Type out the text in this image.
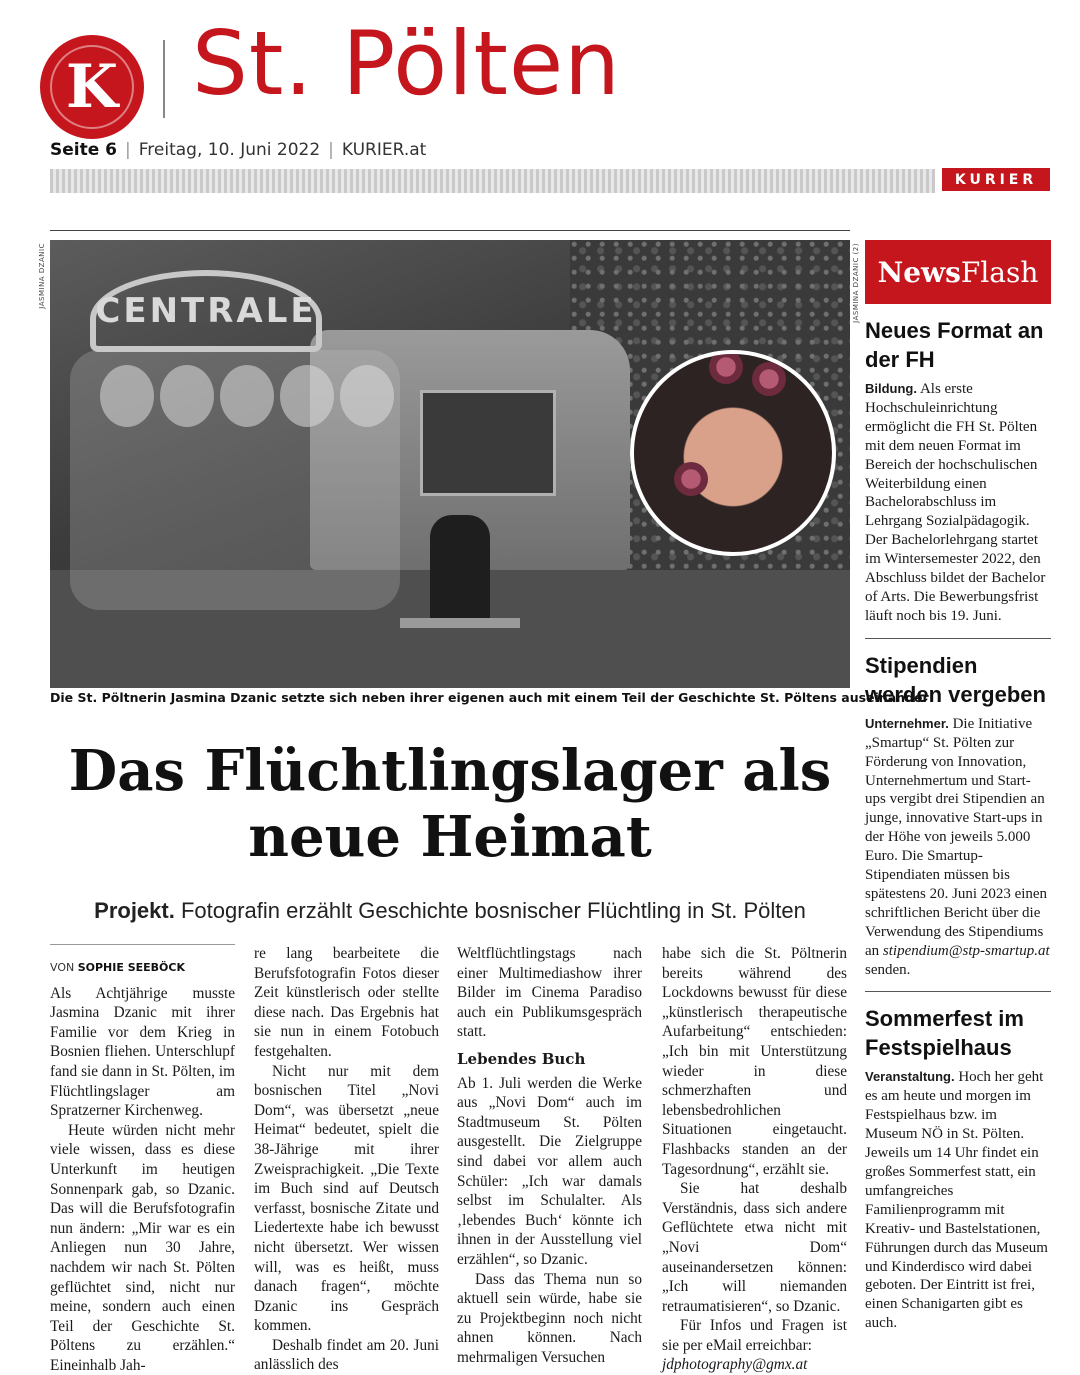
K St. Pölten
Seite 6 | Freitag, 10. Juni 2022 | KURIER.at
KURIER
CENTRALE
JASMINA DZANIC	JASMINA DZANIC (2)
Die St. Pöltnerin Jasmina Dzanic setzte sich neben ihrer eigenen auch mit einem Teil der Geschichte St. Pöltens auseinander
Das Flüchtlingslager als
neue Heimat
Projekt. Fotografin erzählt Geschichte bosnischer Flüchtling in St. Pölten
VON SOPHIE SEEBÖCK

Als Achtjährige musste Jasmina Dzanic mit ihrer Familie vor dem Krieg in Bosnien fliehen. Unterschlupf fand sie dann in St. Pölten, im Flüchtlingslager am Spratzerner Kirchenweg.

Heute würden nicht mehr viele wissen, dass es diese Unterkunft im heutigen Sonnenpark gab, so Dzanic. Das will die Berufsfotografin nun ändern: „Mir war es ein Anliegen nun 30 Jahre, nachdem wir nach St. Pölten geflüchtet sind, nicht nur meine, sondern auch einen Teil der Geschichte St. Pöltens zu erzählen.“ Eineinhalb Jah-

re lang bearbeitete die Berufsfotografin Fotos dieser Zeit künstlerisch oder stellte diese nach. Das Ergebnis hat sie nun in einem Fotobuch festgehalten.

Nicht nur mit dem bosnischen Titel „Novi Dom“, was übersetzt „neue Heimat“ bedeutet, spielt die 38-Jährige mit ihrer Zweisprachigkeit. „Die Texte im Buch sind auf Deutsch verfasst, bosnische Zitate und Liedertexte habe ich bewusst nicht übersetzt. Wer wissen will, was es heißt, muss danach fragen“, möchte Dzanic ins Gespräch kommen.

Deshalb findet am 20. Juni anlässlich des

Weltflüchtlingstags nach einer Multimediashow ihrer Bilder im Cinema Paradiso auch ein Publikumsgespräch statt.

Lebendes Buch

Ab 1. Juli werden die Werke aus „Novi Dom“ auch im Stadtmuseum St. Pölten ausgestellt. Die Zielgruppe sind dabei vor allem auch Schüler: „Ich war damals selbst im Schulalter. Als ‚lebendes Buch‘ könnte ich ihnen in der Ausstellung viel erzählen“, so Dzanic.

Dass das Thema nun so aktuell sein würde, habe sie zu Projektbeginn noch nicht ahnen können. Nach mehrmaligen Versuchen

habe sich die St. Pöltnerin bereits während des Lockdowns bewusst für diese „künstlerisch therapeutische Aufarbeitung“ entschieden: „Ich bin mit Unterstützung wieder in diese schmerzhaften und lebensbedrohlichen Situationen eingetaucht. Flashbacks standen an der Tagesordnung“, erzählt sie.

Sie hat deshalb Verständnis, dass sich andere Geflüchtete etwa nicht mit „Novi Dom“ auseinandersetzen können: „Ich will niemanden retraumatisieren“, so Dzanic.

Für Infos und Fragen ist sie per eMail erreichbar:

jdphotography@gmx.at
News Flash
Neues Format an der FH

Bildung. Als erste Hochschuleinrichtung ermöglicht die FH St. Pölten mit dem neuen Format im Bereich der hochschulischen Weiterbildung einen Bachelorabschluss im Lehrgang Sozialpädagogik. Der Bachelorlehrgang startet im Wintersemester 2022, den Abschluss bildet der Bachelor of Arts. Die Bewerbungsfrist läuft noch bis 19. Juni.

Stipendien werden vergeben

Unternehmer. Die Initiative „Smartup“ St. Pölten zur Förderung von Innovation, Unternehmertum und Start-ups vergibt drei Stipendien an junge, innovative Start-ups in der Höhe von jeweils 5.000 Euro. Die Smartup-Stipendiaten müssen bis spätestens 20. Juni 2023 einen schriftlichen Bericht über die Verwendung des Stipendiums an stipendium@stp-smartup.at senden.

Sommerfest im Festspielhaus

Veranstaltung. Hoch her geht es am heute und morgen im Festspielhaus bzw. im Museum NÖ in St. Pölten. Jeweils um 14 Uhr findet ein großes Sommerfest statt, ein umfangreiches Familienprogramm mit Kreativ- und Bastelstationen, Führungen durch das Museum und Kinderdisco wird dabei geboten. Der Eintritt ist frei, einen Schanigarten gibt es auch.
